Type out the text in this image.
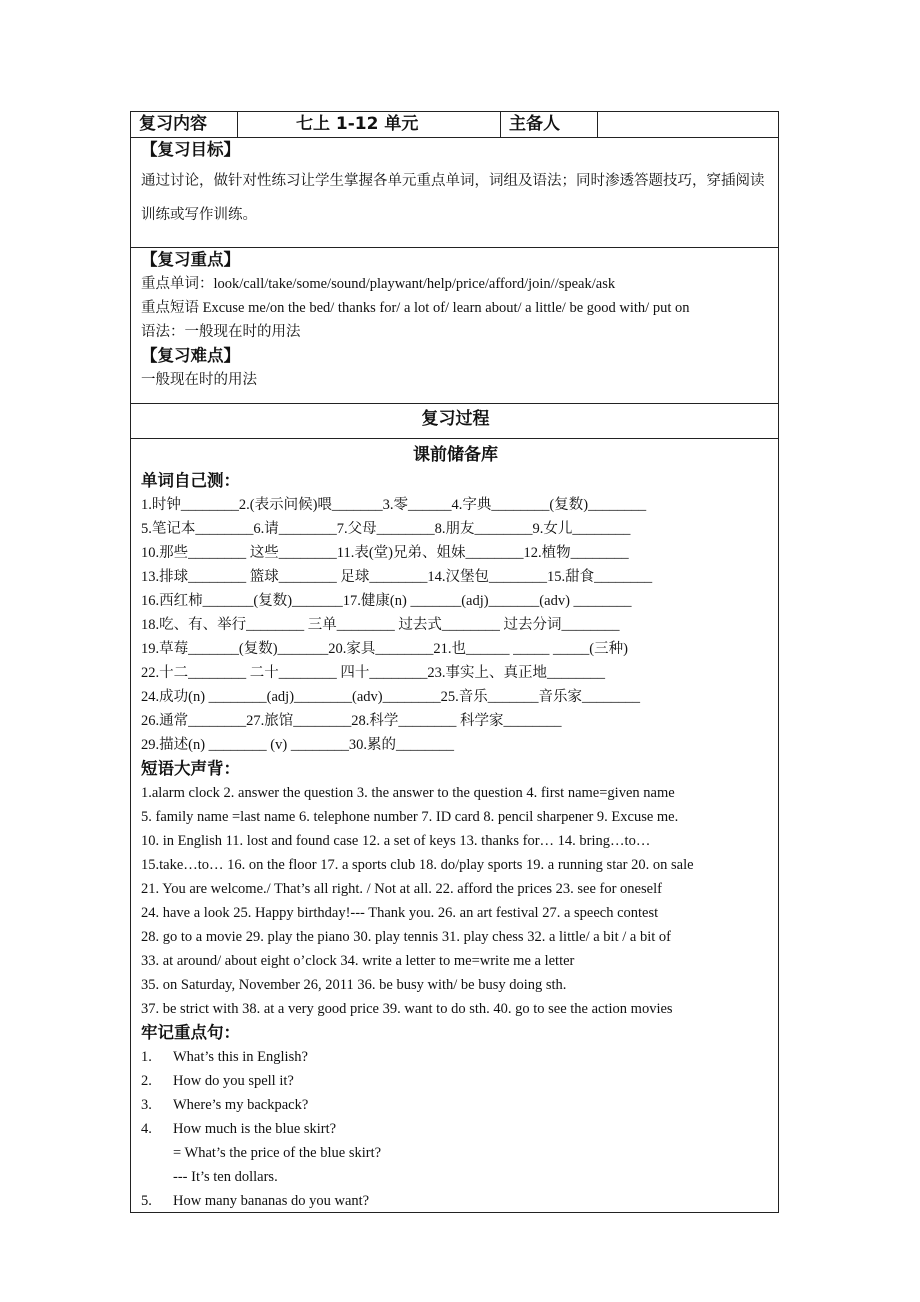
复习内容	七上 1-12 单元	主备人
【复习目标】
通过讨论，做针对性练习让学生掌握各单元重点单词，词组及语法；同时渗透答题技巧，穿插阅读训练或写作训练。
【复习重点】
重点单词：look/call/take/some/sound/playwant/help/price/afford/join//speak/ask
重点短语 Excuse me/on the bed/ thanks for/ a lot of/ learn about/ a little/ be good with/ put on
语法：一般现在时的用法
【复习难点】
一般现在时的用法
复习过程
课前储备库
单词自己测：
1.时钟________2.(表示问候)喂_______3.零______4.字典________(复数)________
5.笔记本________6.请________7.父母________8.朋友________9.女儿________
10.那些________ 这些________11.表(堂)兄弟、姐妹________12.植物________
13.排球________ 篮球________ 足球________14.汉堡包________15.甜食________
16.西红柿_______(复数)_______17.健康(n) _______(adj)_______(adv) ________
18.吃、有、举行________ 三单________ 过去式________ 过去分词________
19.草莓_______(复数)_______20.家具________21.也______ _____ _____(三种)
22.十二________ 二十________ 四十________23.事实上、真正地________
24.成功(n) ________(adj)________(adv)________25.音乐_______音乐家________
26.通常________27.旅馆________28.科学________ 科学家________
29.描述(n) ________ (v) ________30.累的________
短语大声背：
1.alarm clock 2. answer the question 3. the answer to the question 4. first name=given name
5. family name =last name 6. telephone number 7. ID card 8. pencil sharpener 9. Excuse me.
10. in English 11. lost and found case 12. a set of keys 13. thanks for… 14. bring…to…
15.take…to… 16. on the floor 17. a sports club 18. do/play sports 19. a running star 20. on sale
21. You are welcome./ That’s all right. / Not at all. 22. afford the prices 23. see for oneself
24. have a look 25. Happy birthday!--- Thank you. 26. an art festival 27. a speech contest
28. go to a movie 29. play the piano 30. play tennis 31. play chess 32. a little/ a bit / a bit of
33. at around/ about eight o’clock 34. write a letter to me=write me a letter
35. on Saturday, November 26, 2011 36. be busy with/ be busy doing sth.
37. be strict with 38. at a very good price 39. want to do sth. 40. go to see the action movies
牢记重点句：
1. What’s this in English?
2. How do you spell it?
3. Where’s my backpack?
4. How much is the blue skirt?
= What’s the price of the blue skirt?
--- It’s ten dollars.
5. How many bananas do you want?
